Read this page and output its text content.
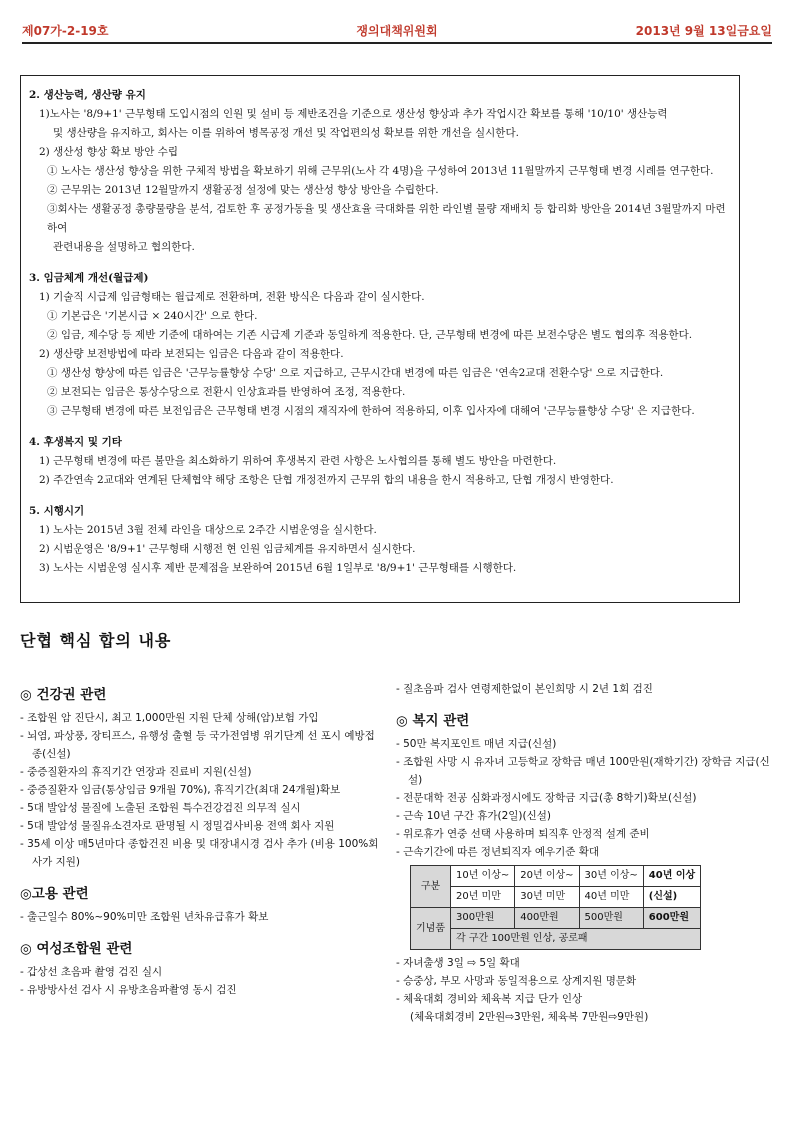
제07가-2-19호	쟁의대책위원회	2013년 9월 13일금요일
2. 생산능력, 생산량 유지
1)노사는 '8/9+1' 근무형태 도입시점의 인원 및 설비 등 제반조건을 기준으로 생산성 향상과 추가 작업시간 확보를 통해 '10/10' 생산능력
및 생산량을 유지하고, 회사는 이를 위하여 병목공정 개선 및 작업편의성 확보를 위한 개선을 실시한다.
2) 생산성 향상 확보 방안 수립
① 노사는 생산성 향상을 위한 구체적 방법을 확보하기 위해 근무위(노사 각 4명)을 구성하여 2013년 11월말까지 근무형태 변경 시례를 연구한다.
② 근무위는 2013년 12월말까지 생활공정 설정에 맞는 생산성 향상 방안을 수립한다.
③회사는 생활공정 총량물량을 분석, 검토한 후 공정가동율 및 생산효율 극대화를 위한 라인별 물량 재배치 등 합리화 방안을 2014년 3월말까지 마련하여
관련내용을 설명하고 협의한다.
3. 임금체계 개선(월급제)
1) 기술직 시급제 임금형태는 월급제로 전환하며, 전환 방식은 다음과 같이 실시한다.
① 기본급은 '기본시급 × 240시간' 으로 한다.
② 임금, 제수당 등 제반 기준에 대하여는 기존 시급제 기준과 동일하게 적용한다. 단, 근무형태 변경에 따른 보전수당은 별도 협의후 적용한다.
2) 생산량 보전방법에 따라 보전되는 임금은 다음과 같이 적용한다.
① 생산성 향상에 따른 임금은 '근무능률향상 수당' 으로 지급하고, 근무시간대 변경에 따른 임금은 '연속2교대 전환수당' 으로 지급한다.
② 보전되는 임금은 통상수당으로 전환시 인상효과를 반영하여 조정, 적용한다.
③ 근무형태 변경에 따른 보전임금은 근무형태 변경 시점의 재직자에 한하여 적용하되, 이후 입사자에 대해여 '근무능률향상 수당' 은 지급한다.
4. 후생복지 및 기타
1) 근무형태 변경에 따른 불만을 최소화하기 위하여 후생복지 관련 사항은 노사협의를 통해 별도 방안을 마련한다.
2) 주간연속 2교대와 연계된 단체협약 해당 조항은 단협 개정전까지 근무위 합의 내용을 한시 적용하고, 단협 개정시 반영한다.
5. 시행시기
1) 노사는 2015년 3월 전체 라인을 대상으로 2주간 시범운영을 실시한다.
2) 시범운영은 '8/9+1' 근무형태 시행전 현 인원 임금체계를 유지하면서 실시한다.
3) 노사는 시범운영 실시후 제반 문제점을 보완하여 2015년 6월 1일부로 '8/9+1' 근무형태를 시행한다.
단협 핵심 합의 내용
◎ 건강권 관련
- 조합원 암 진단시, 최고 1,000만원 지원 단체 상해(암)보험 가입
- 뇌염, 파상풍, 장티프스, 유행성 출혈 등 국가전염병 위기단계 선 포시 예방접종(신설)
- 중증질환자의 휴직기간 연장과 진료비 지원(신설)
- 중증질환자 임금(통상임금 9개월 70%), 휴직기간(최대 24개월)확보
- 5대 발암성 물질에 노출된 조합원 특수건강검진 의무적 실시
- 5대 발암성 물질유소견자로 판명될 시 정밀검사비용 전액 회사 지원
- 35세 이상 매5년마다 종합건진 비용 및 대장내시경 검사 추가 (비용 100%회사가 지원)
◎고용 관련
- 출근일수 80%~90%미만 조합원 년차유급휴가 확보
◎ 여성조합원 관련
- 갑상선 초음파 촬영 검진 실시
- 유방방사선 검사 시 유방초음파촬영 동시 검진
- 질초음파 검사 연령제한없이 본인희망 시 2년 1회 검진
◎ 복지 관련
- 50만 복지포인트 매년 지급(신설)
- 조합원 사망 시 유자녀 고등학교 장학금 매년 100만원(재학기간) 장학금 지급(신설)
- 전문대학 전공 심화과정시에도 장학금 지급(총 8학기)확보(신설)
- 근속 10년 구간 휴가(2일)(신설)
- 위로휴가 연중 선택 사용하며 퇴직후 안정적 설계 준비
- 근속기간에 따른 정년퇴직자 예우기준 확대
구분	10년 이상~	20년 이상~	30년 이상~	40년 이상
	20년 미만	30년 미만	40년 미만	(신설)
기념품	300만원	400만원	500만원	600만원
	각 구간 100만원 인상, 공로패			
- 자녀출생 3일 ⇨ 5일 확대
- 승중상, 부모 사망과 동일적용으로 상계지원 명문화
- 체육대회 경비와 체육복 지급 단가 인상
(체육대회경비 2만원⇨3만원, 체육복 7만원⇨9만원)
